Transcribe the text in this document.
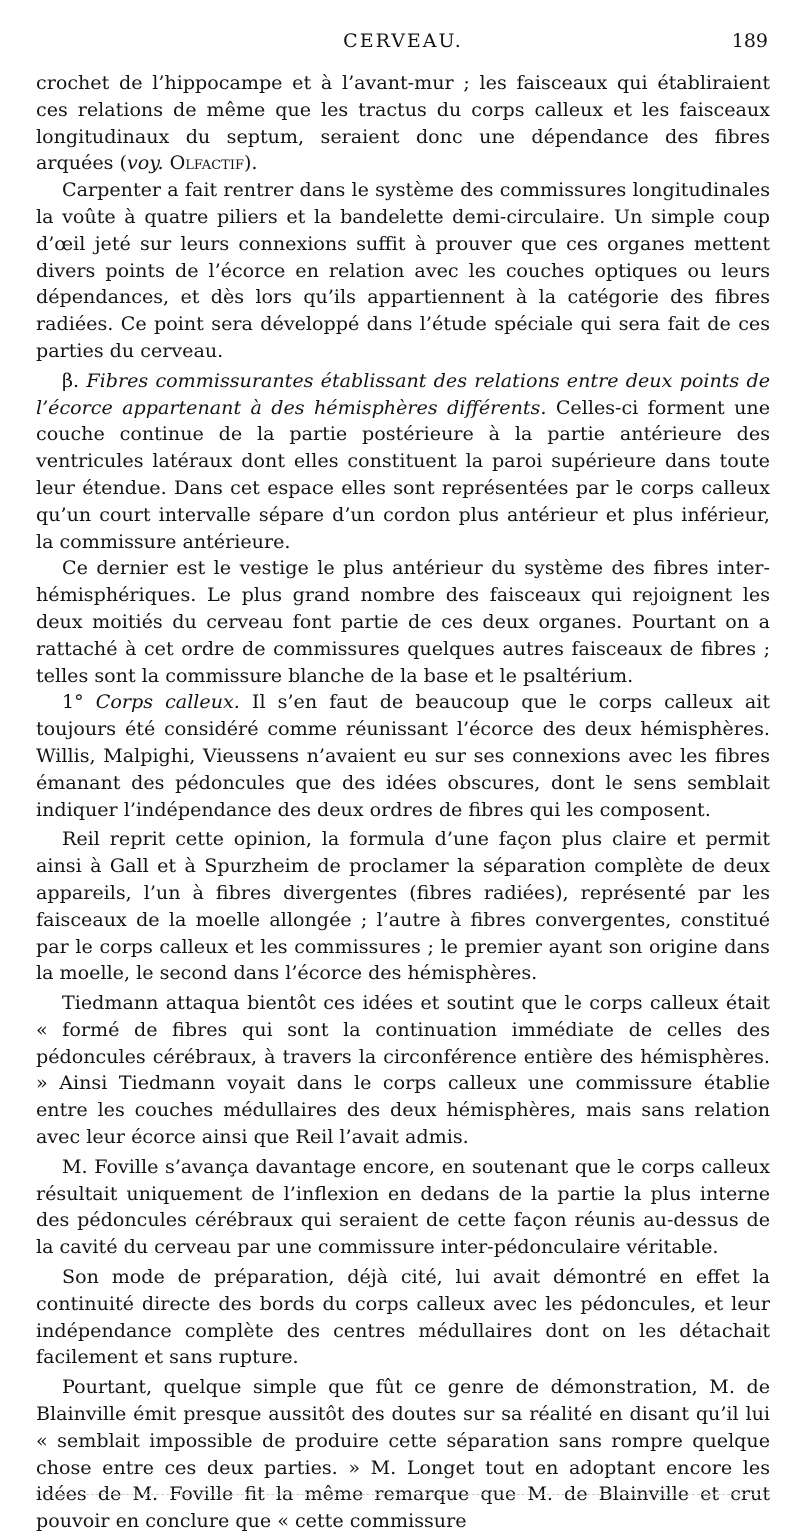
CERVEAU.	189

crochet de l’hippocampe et à l’avant-mur ; les faisceaux qui établiraient ces relations de même que les tractus du corps calleux et les faisceaux longitudinaux du septum, seraient donc une dépendance des fibres arquées (voy. Olfactif).

Carpenter a fait rentrer dans le système des commissures longitudinales la voûte à quatre piliers et la bandelette demi-circulaire. Un simple coup d’œil jeté sur leurs connexions suffit à prouver que ces organes mettent divers points de l’écorce en relation avec les couches optiques ou leurs dépendances, et dès lors qu’ils appartiennent à la catégorie des fibres radiées. Ce point sera développé dans l’étude spéciale qui sera fait de ces parties du cerveau.

β. Fibres commissurantes établissant des relations entre deux points de l’écorce appartenant à des hémisphères différents. Celles-ci forment une couche continue de la partie postérieure à la partie antérieure des ventricules latéraux dont elles constituent la paroi supérieure dans toute leur étendue. Dans cet espace elles sont représentées par le corps calleux qu’un court intervalle sépare d’un cordon plus antérieur et plus inférieur, la commissure antérieure.

Ce dernier est le vestige le plus antérieur du système des fibres inter-hémisphériques. Le plus grand nombre des faisceaux qui rejoignent les deux moitiés du cerveau font partie de ces deux organes. Pourtant on a rattaché à cet ordre de commissures quelques autres faisceaux de fibres ; telles sont la commissure blanche de la base et le psaltérium.

1° Corps calleux. Il s’en faut de beaucoup que le corps calleux ait toujours été considéré comme réunissant l’écorce des deux hémisphères. Willis, Malpighi, Vieussens n’avaient eu sur ses connexions avec les fibres émanant des pédoncules que des idées obscures, dont le sens semblait indiquer l’indépendance des deux ordres de fibres qui les composent.

Reil reprit cette opinion, la formula d’une façon plus claire et permit ainsi à Gall et à Spurzheim de proclamer la séparation complète de deux appareils, l’un à fibres divergentes (fibres radiées), représenté par les faisceaux de la moelle allongée ; l’autre à fibres convergentes, constitué par le corps calleux et les commissures ; le premier ayant son origine dans la moelle, le second dans l’écorce des hémisphères.

Tiedmann attaqua bientôt ces idées et soutint que le corps calleux était « formé de fibres qui sont la continuation immédiate de celles des pédoncules cérébraux, à travers la circonférence entière des hémisphères. » Ainsi Tiedmann voyait dans le corps calleux une commissure établie entre les couches médullaires des deux hémisphères, mais sans relation avec leur écorce ainsi que Reil l’avait admis.

M. Foville s’avança davantage encore, en soutenant que le corps calleux résultait uniquement de l’inflexion en dedans de la partie la plus interne des pédoncules cérébraux qui seraient de cette façon réunis au-dessus de la cavité du cerveau par une commissure inter-pédonculaire véritable.

Son mode de préparation, déjà cité, lui avait démontré en effet la continuité directe des bords du corps calleux avec les pédoncules, et leur indépendance complète des centres médullaires dont on les détachait facilement et sans rupture.

Pourtant, quelque simple que fût ce genre de démonstration, M. de Blainville émit presque aussitôt des doutes sur sa réalité en disant qu’il lui « semblait impossible de produire cette séparation sans rompre quelque chose entre ces deux parties. » M. Longet tout en adoptant encore les idées de M. Foville fit la même remarque que M. de Blainville et crut pouvoir en conclure que « cette commissure
